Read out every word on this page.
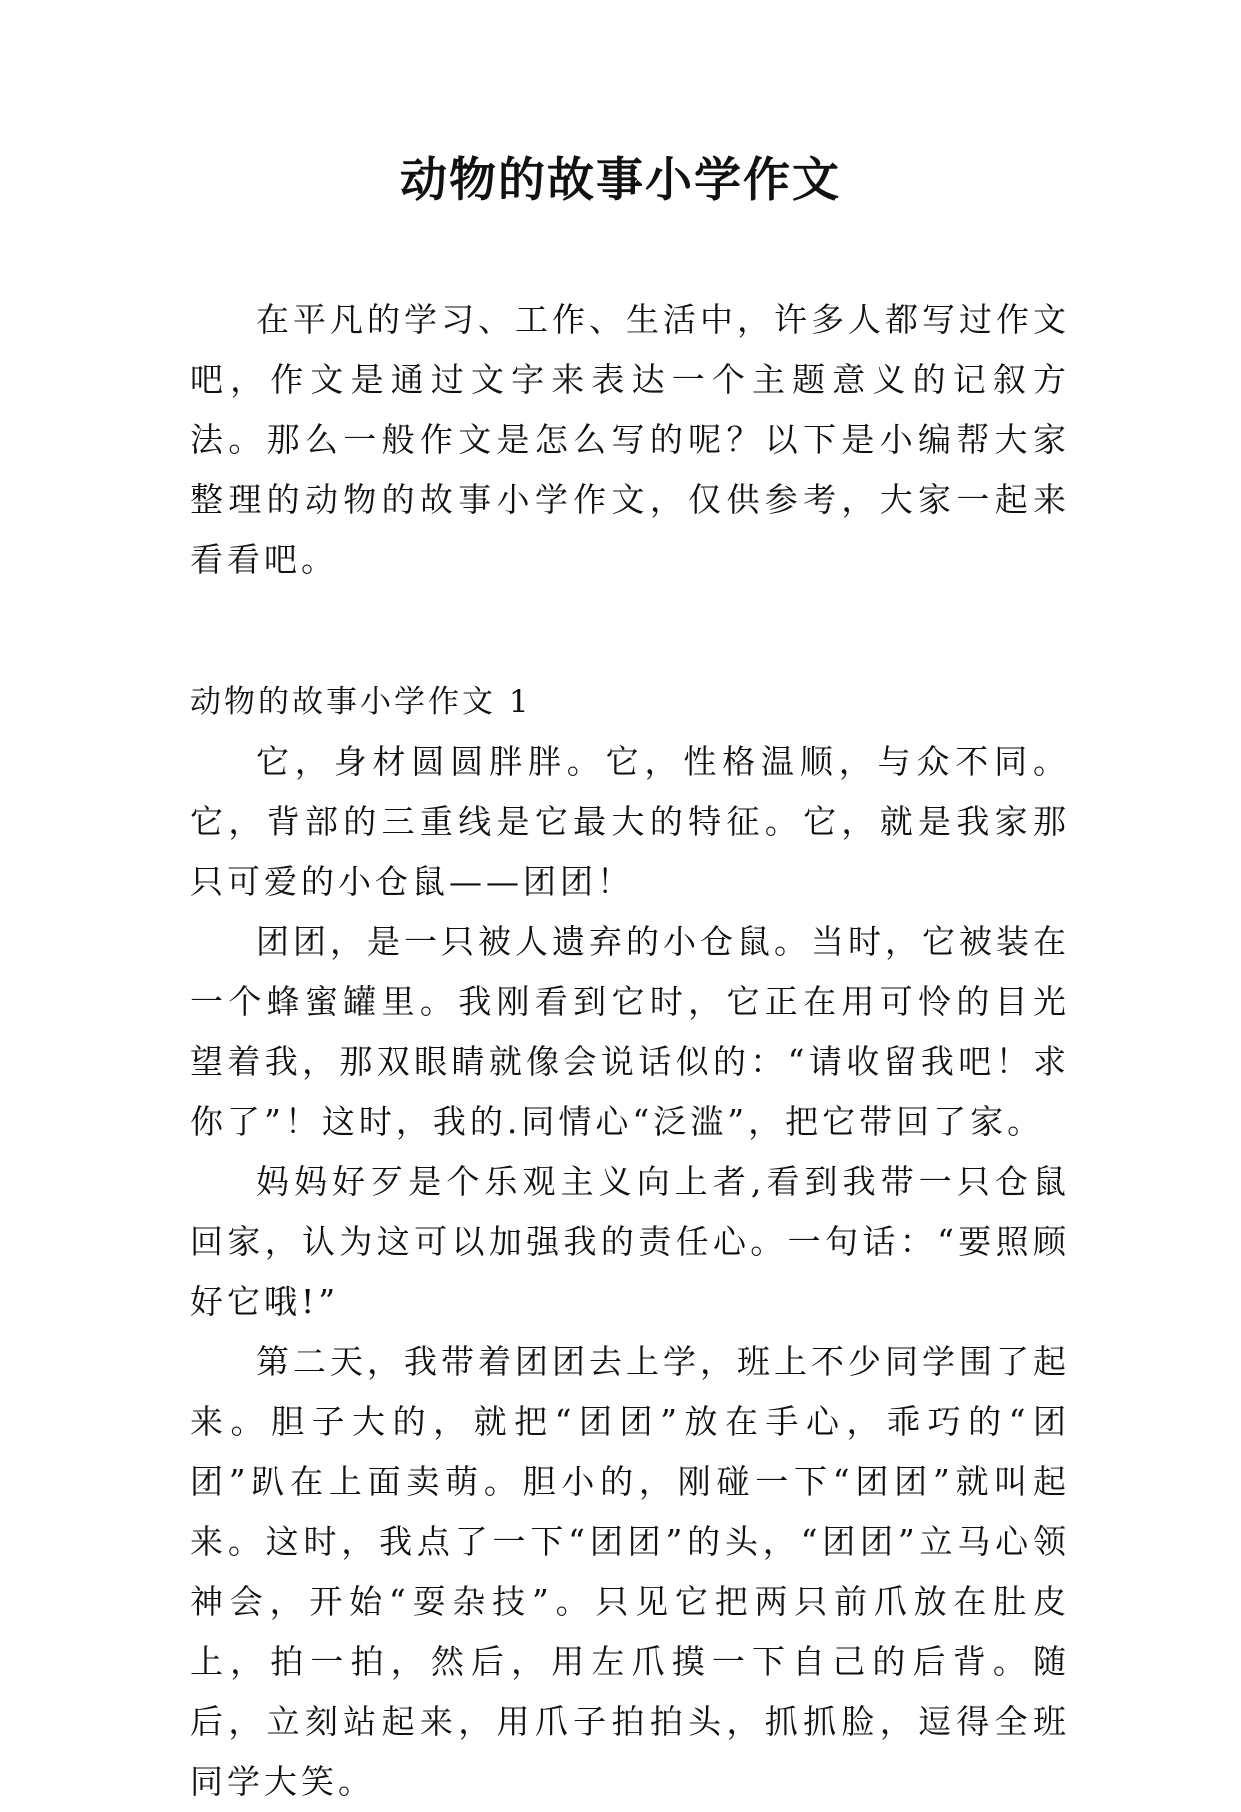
动物的故事小学作文

在平凡的学习、工作、生活中，许多人都写过作文吧，作文是通过文字来表达一个主题意义的记叙方法。那么一般作文是怎么写的呢？以下是小编帮大家整理的动物的故事小学作文，仅供参考，大家一起来看看吧。

动物的故事小学作文 1

它，身材圆圆胖胖。它，性格温顺，与众不同。它，背部的三重线是它最大的特征。它，就是我家那只可爱的小仓鼠——团团！

团团，是一只被人遗弃的小仓鼠。当时，它被装在一个蜂蜜罐里。我刚看到它时，它正在用可怜的目光望着我，那双眼睛就像会说话似的：“请收留我吧！求你了”！这时，我的.同情心“泛滥”，把它带回了家。

妈妈好歹是个乐观主义向上者,看到我带一只仓鼠回家，认为这可以加强我的责任心。一句话：“要照顾好它哦!”

第二天，我带着团团去上学，班上不少同学围了起来。胆子大的，就把“团团”放在手心，乖巧的“团团”趴在上面卖萌。胆小的，刚碰一下“团团”就叫起来。这时，我点了一下“团团”的头，“团团”立马心领神会，开始“耍杂技”。只见它把两只前爪放在肚皮上，拍一拍，然后，用左爪摸一下自己的后背。随后，立刻站起来，用爪子拍拍头，抓抓脸，逗得全班同学大笑。
